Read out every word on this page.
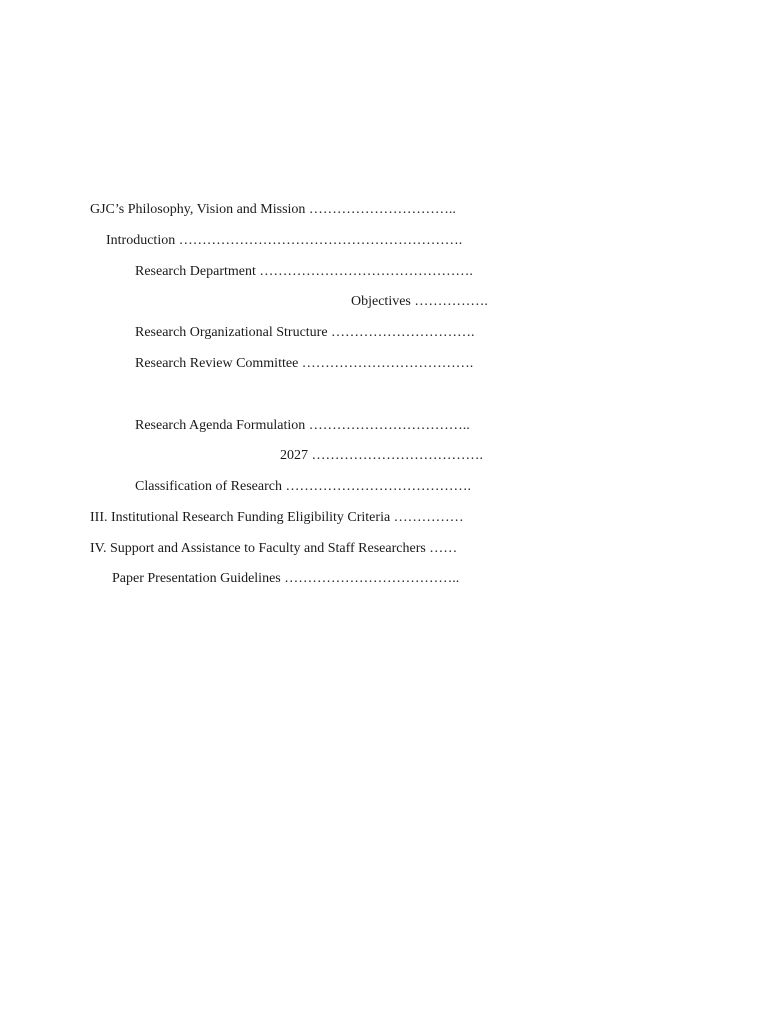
GJC’s Philosophy, Vision and Mission …………………………..
Introduction …………………………………………………….
Research Department ……………………………………….
Objectives …………….
Research Organizational Structure ………………………….
Research Review Committee ……………………………….
Research Agenda Formulation ……………………………..
2027 ……………………………….
Classification of Research ………………………………….
III. Institutional Research Funding Eligibility Criteria ……………
IV. Support and Assistance to Faculty and Staff Researchers ……
Paper Presentation Guidelines ………………………………..
